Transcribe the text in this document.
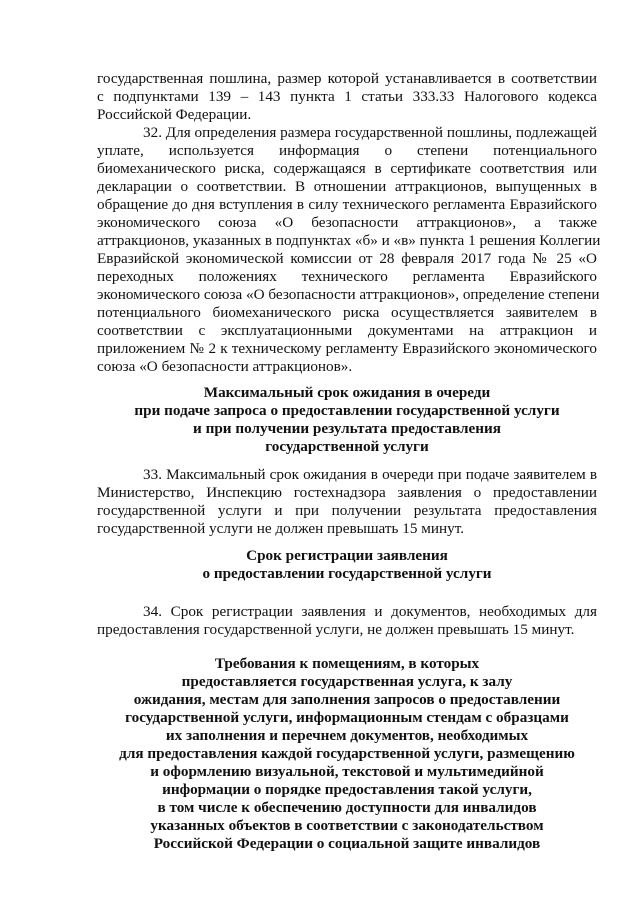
государственная пошлина, размер которой устанавливается в соответствии
с подпунктами 139 – 143 пункта 1 статьи 333.33 Налогового кодекса
Российской Федерации.
32. Для определения размера государственной пошлины, подлежащей
уплате, используется информация о степени потенциального
биомеханического риска, содержащаяся в сертификате соответствия или
декларации о соответствии. В отношении аттракционов, выпущенных в
обращение до дня вступления в силу технического регламента Евразийского
экономического союза «О безопасности аттракционов», а также
аттракционов, указанных в подпунктах «б» и «в» пункта 1 решения Коллегии
Евразийской экономической комиссии от 28 февраля 2017 года № 25 «О
переходных положениях технического регламента Евразийского
экономического союза «О безопасности аттракционов», определение степени
потенциального биомеханического риска осуществляется заявителем в
соответствии с эксплуатационными документами на аттракцион и
приложением № 2 к техническому регламенту Евразийского экономического
союза «О безопасности аттракционов».
Максимальный срок ожидания в очереди
при подаче запроса о предоставлении государственной услуги
и при получении результата предоставления
государственной услуги
33. Максимальный срок ожидания в очереди при подаче заявителем в
Министерство, Инспекцию гостехнадзора заявления о предоставлении
государственной услуги и при получении результата предоставления
государственной услуги не должен превышать 15 минут.
Срок регистрации заявления
о предоставлении государственной услуги
34. Срок регистрации заявления и документов, необходимых для
предоставления государственной услуги, не должен превышать 15 минут.
Требования к помещениям, в которых
предоставляется государственная услуга, к залу
ожидания, местам для заполнения запросов о предоставлении
государственной услуги, информационным стендам с образцами
их заполнения и перечнем документов, необходимых
для предоставления каждой государственной услуги, размещению
и оформлению визуальной, текстовой и мультимедийной
информации о порядке предоставления такой услуги,
в том числе к обеспечению доступности для инвалидов
указанных объектов в соответствии с законодательством
Российской Федерации о социальной защите инвалидов
